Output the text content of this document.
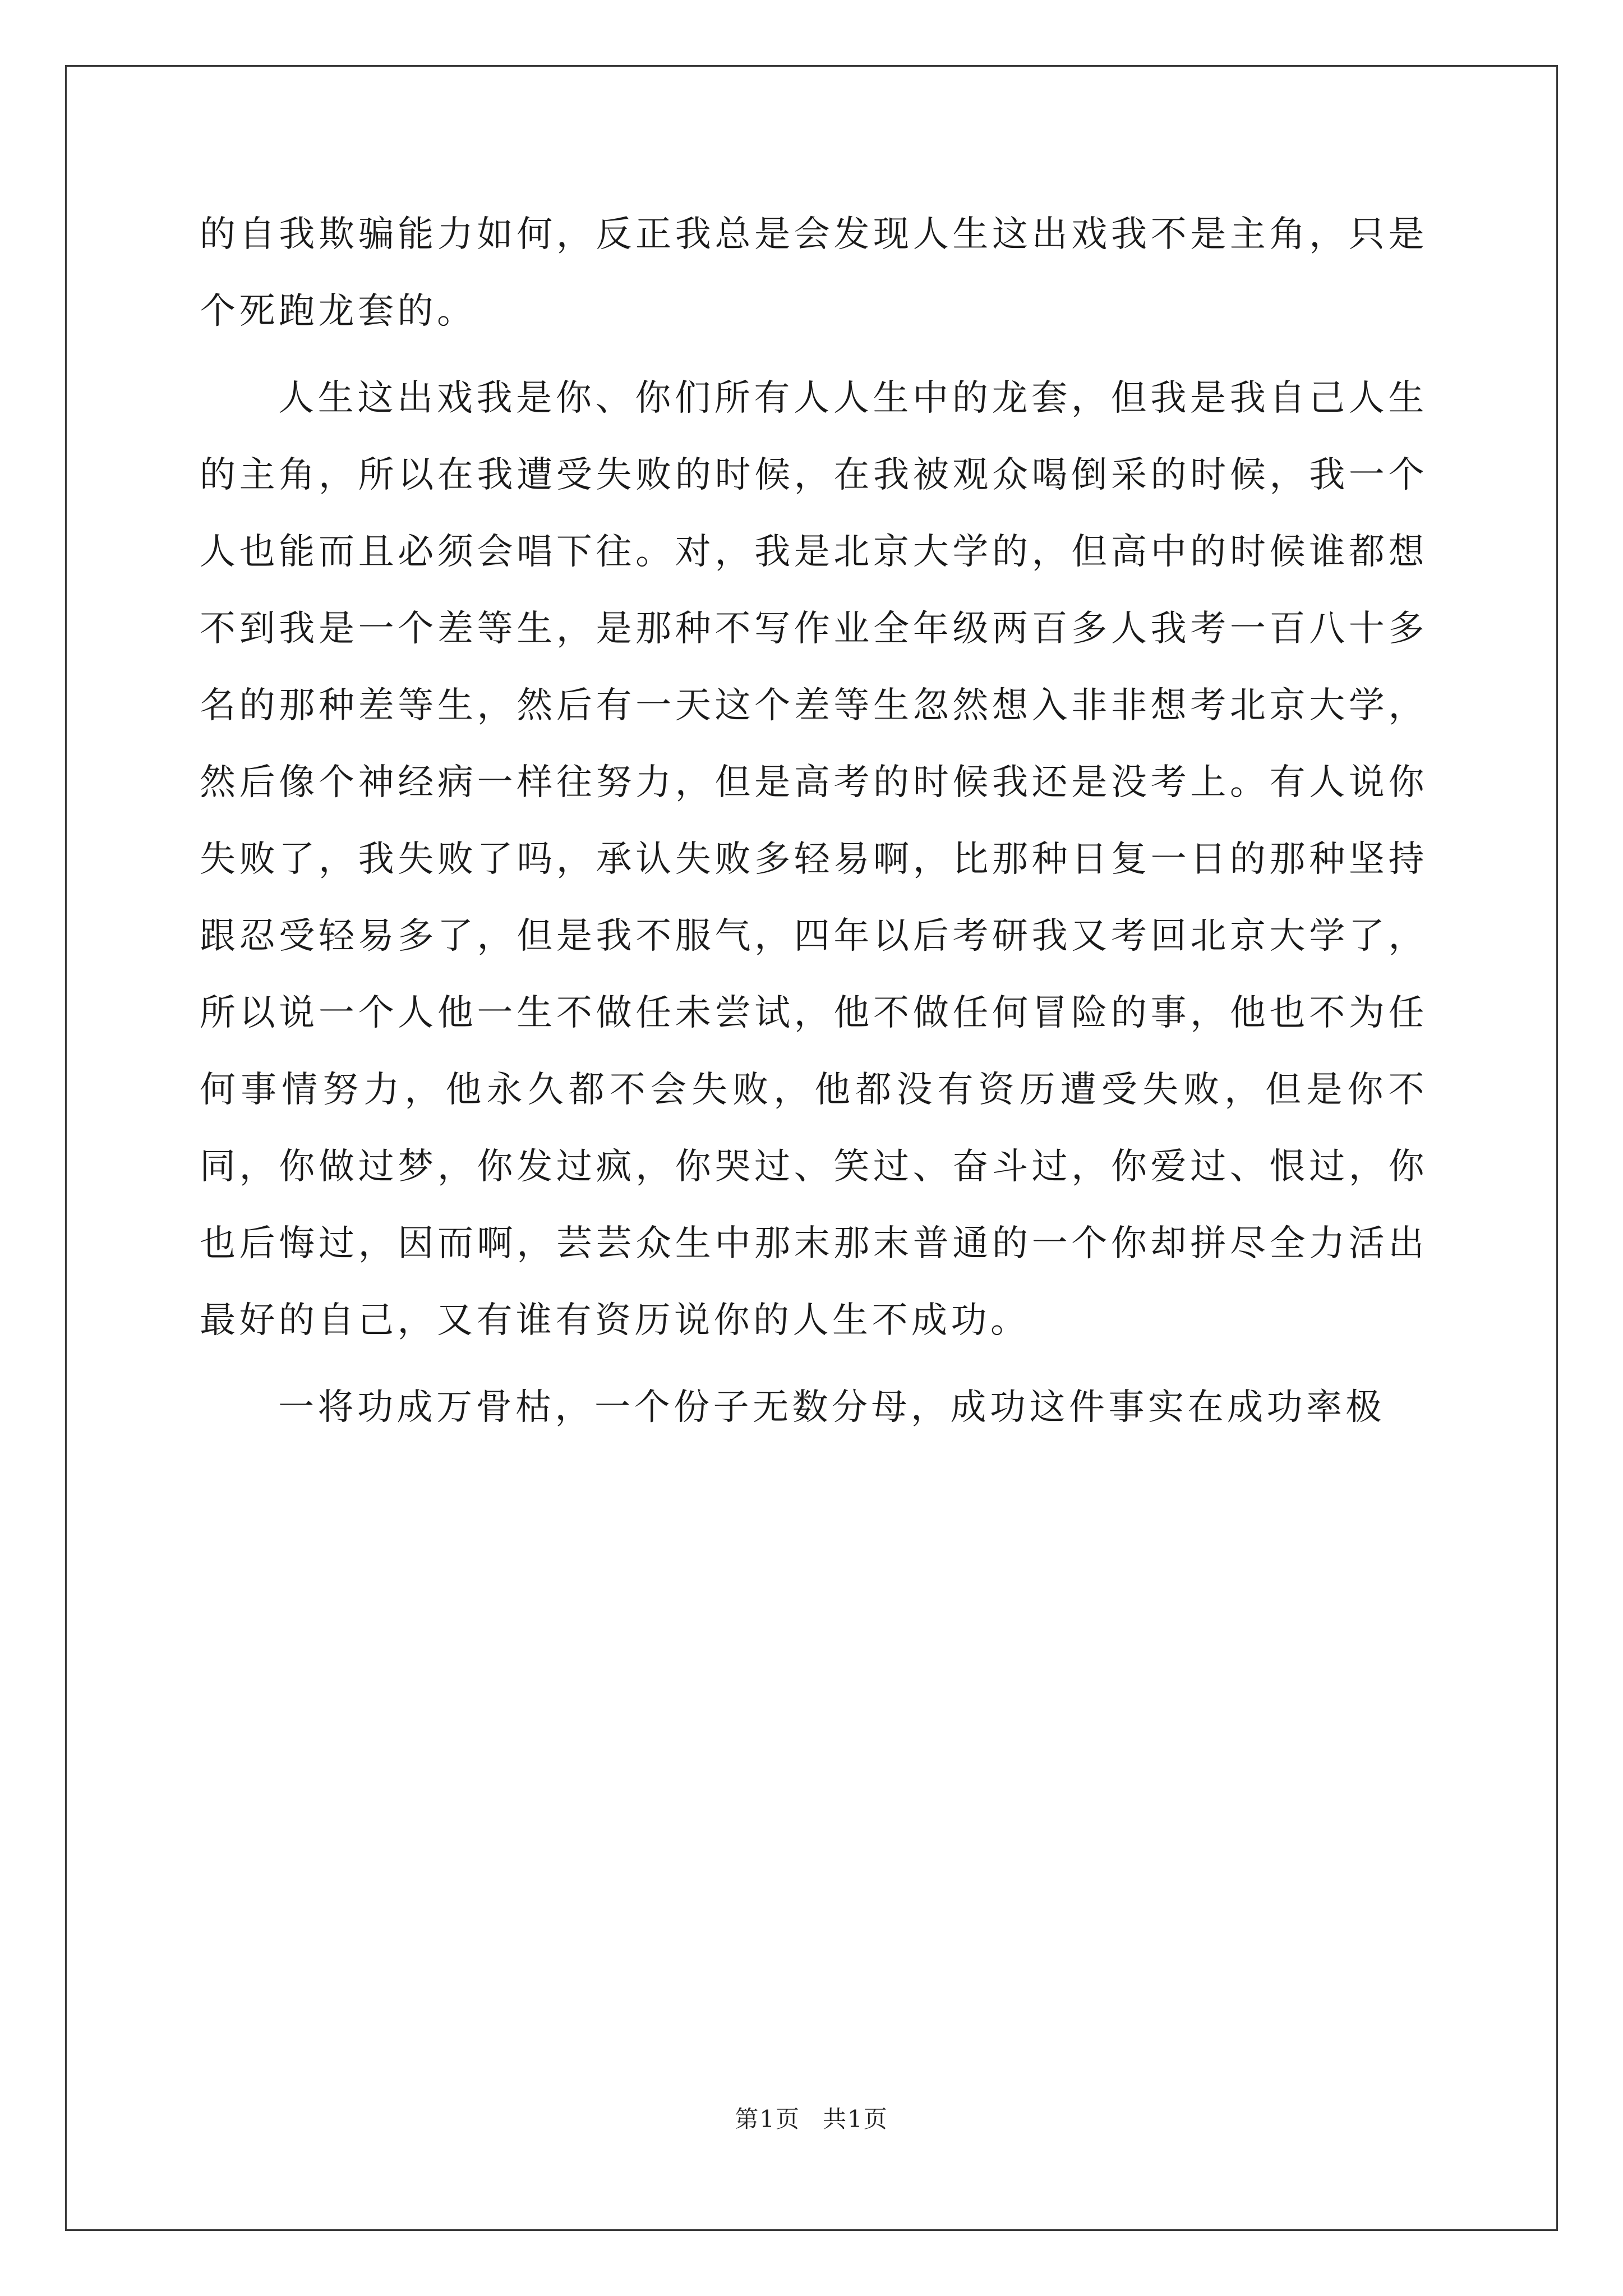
的自我欺骗能力如何，反正我总是会发现人生这出戏我不是主角，只是个死跑龙套的。

人生这出戏我是你、你们所有人人生中的龙套，但我是我自己人生的主角，所以在我遭受失败的时候，在我被观众喝倒采的时候，我一个人也能而且必须会唱下往。对，我是北京大学的，但高中的时候谁都想不到我是一个差等生，是那种不写作业全年级两百多人我考一百八十多名的那种差等生，然后有一天这个差等生忽然想入非非想考北京大学，然后像个神经病一样往努力，但是高考的时候我还是没考上。有人说你失败了，我失败了吗，承认失败多轻易啊，比那种日复一日的那种坚持跟忍受轻易多了，但是我不服气，四年以后考研我又考回北京大学了，所以说一个人他一生不做任未尝试，他不做任何冒险的事，他也不为任何事情努力，他永久都不会失败，他都没有资历遭受失败，但是你不同，你做过梦，你发过疯，你哭过、笑过、奋斗过，你爱过、恨过，你也后悔过，因而啊，芸芸众生中那末那末普通的一个你却拼尽全力活出最好的自己，又有谁有资历说你的人生不成功。

一将功成万骨枯，一个份子无数分母，成功这件事实在成功率极

第1页 共1页
